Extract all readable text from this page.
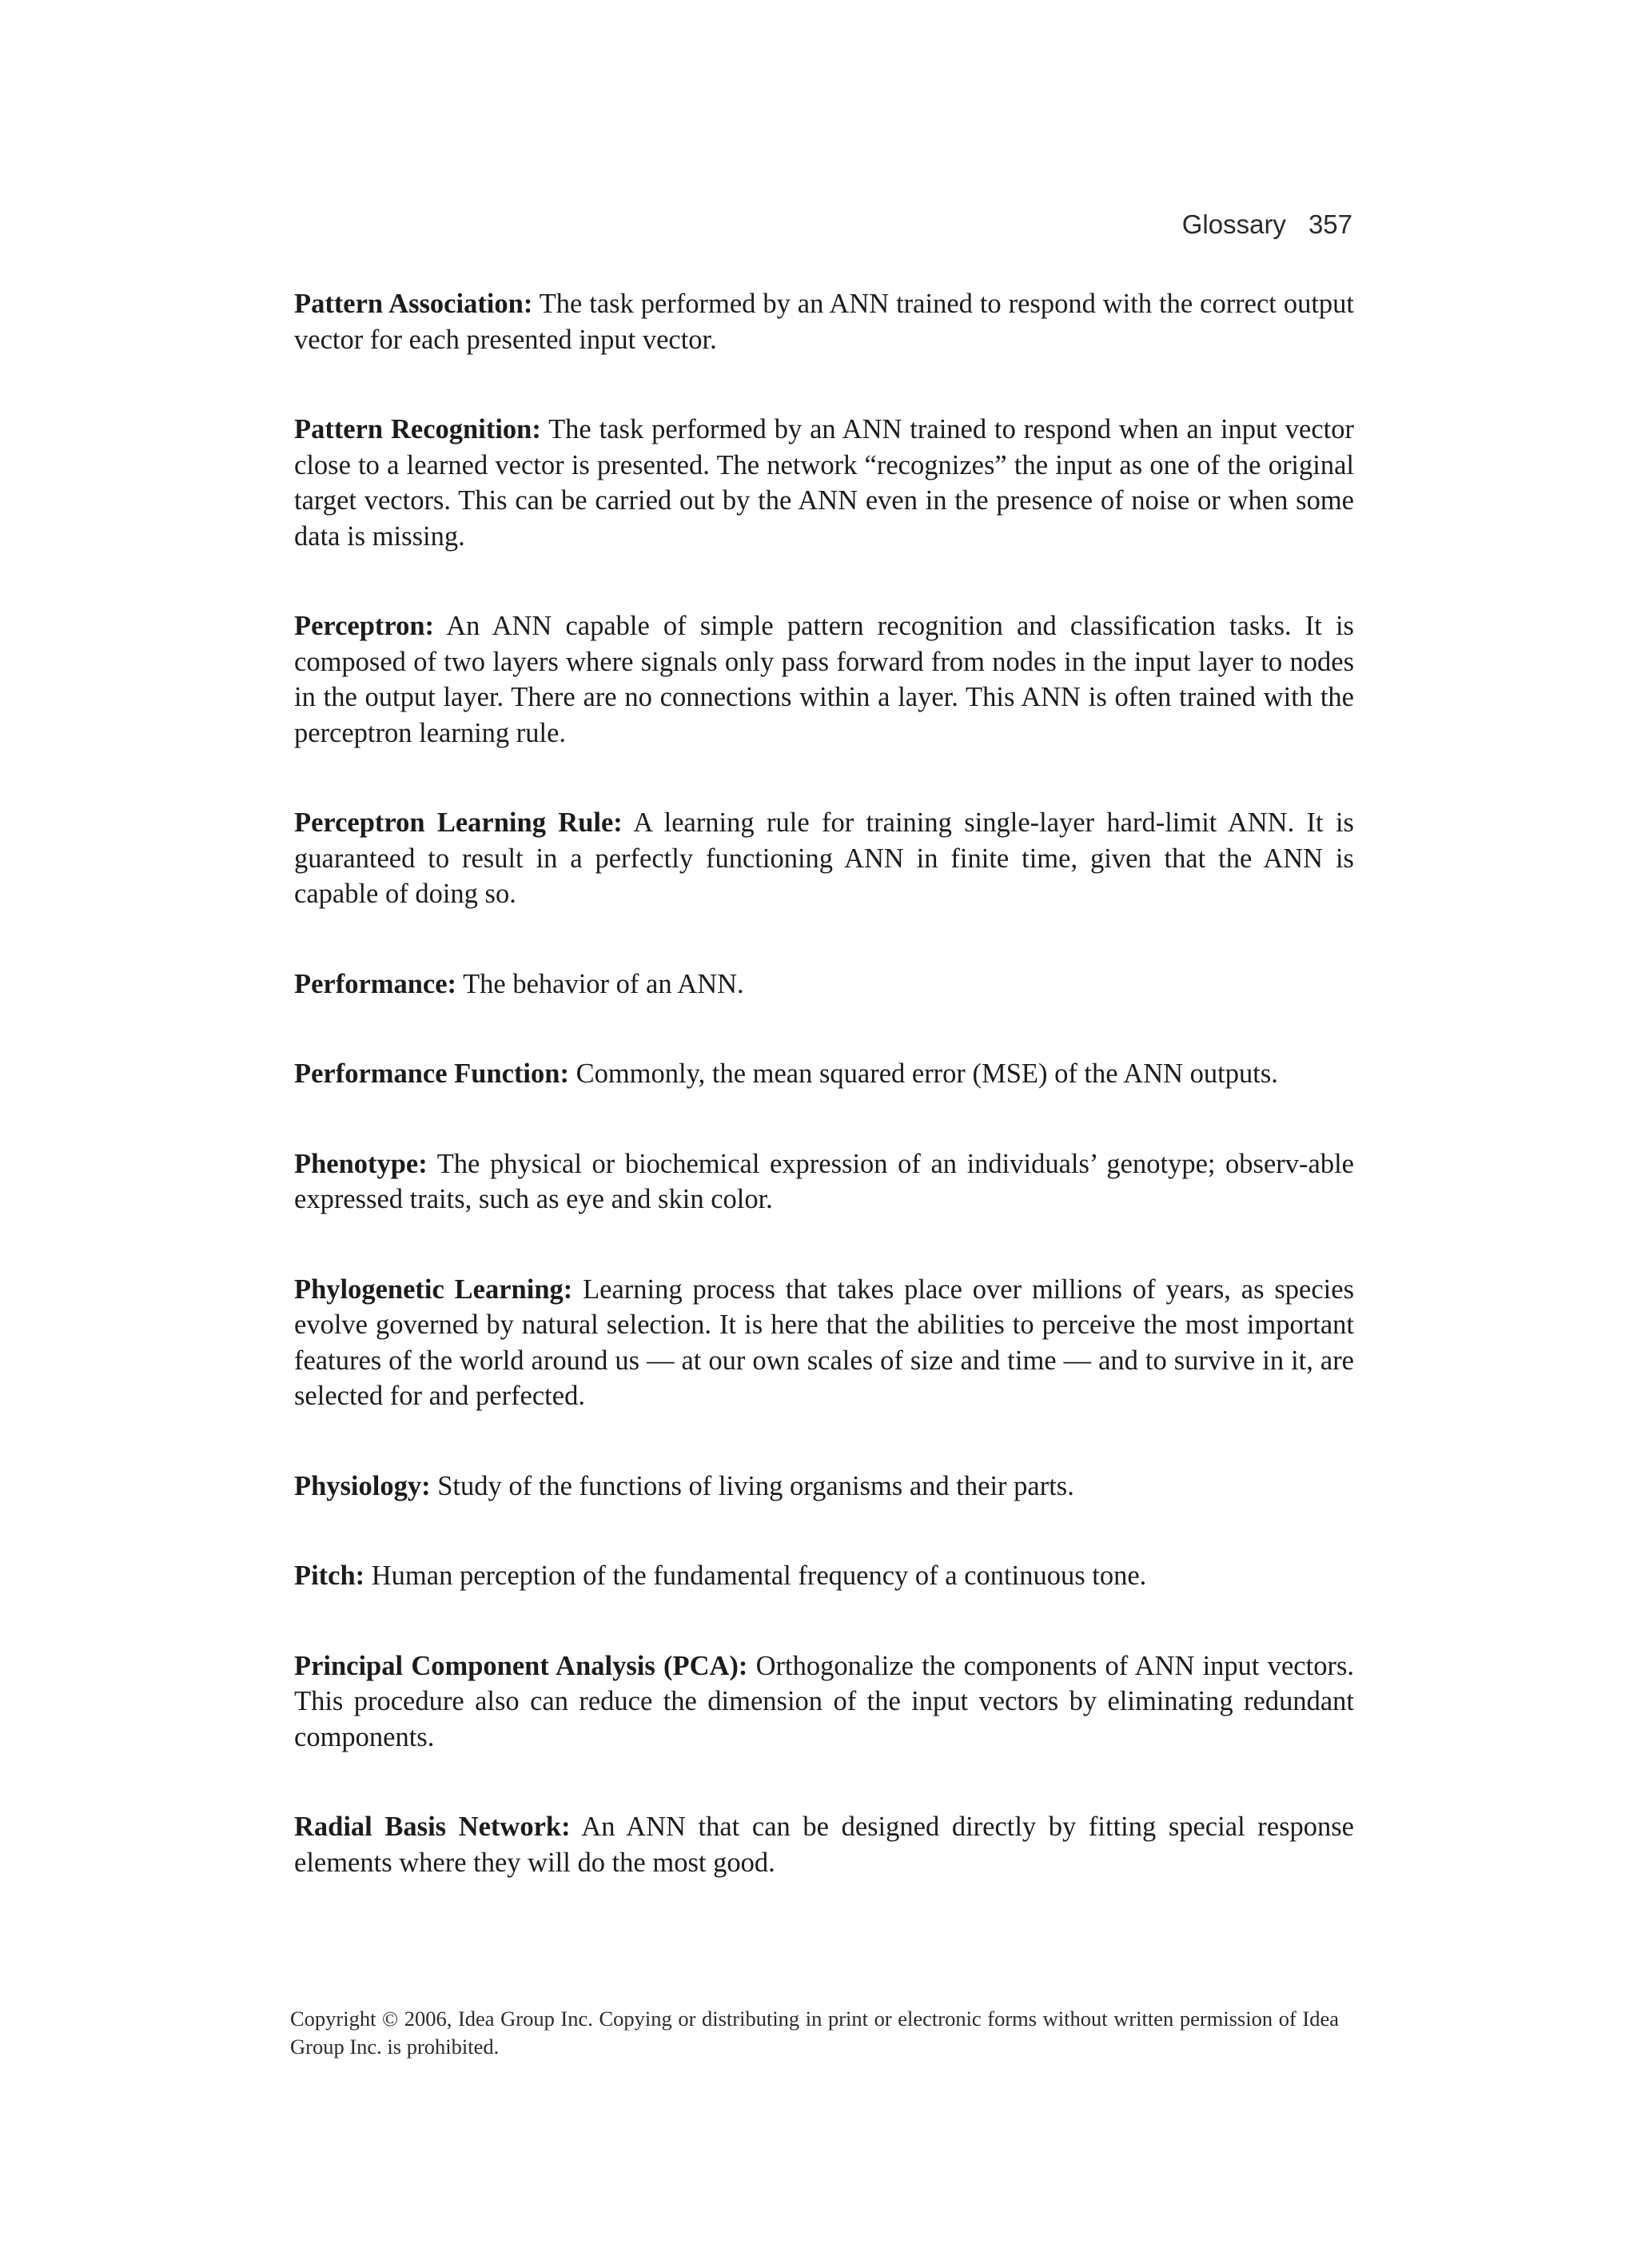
Glossary 357

Pattern Association: The task performed by an ANN trained to respond with the correct output vector for each presented input vector.

Pattern Recognition: The task performed by an ANN trained to respond when an input vector close to a learned vector is presented. The network “recognizes” the input as one of the original target vectors. This can be carried out by the ANN even in the presence of noise or when some data is missing.

Perceptron: An ANN capable of simple pattern recognition and classification tasks. It is composed of two layers where signals only pass forward from nodes in the input layer to nodes in the output layer. There are no connections within a layer. This ANN is often trained with the perceptron learning rule.

Perceptron Learning Rule: A learning rule for training single-layer hard-limit ANN. It is guaranteed to result in a perfectly functioning ANN in finite time, given that the ANN is capable of doing so.

Performance: The behavior of an ANN.

Performance Function: Commonly, the mean squared error (MSE) of the ANN outputs.

Phenotype: The physical or biochemical expression of an individuals’ genotype; observ-able expressed traits, such as eye and skin color.

Phylogenetic Learning: Learning process that takes place over millions of years, as species evolve governed by natural selection. It is here that the abilities to perceive the most important features of the world around us — at our own scales of size and time — and to survive in it, are selected for and perfected.

Physiology: Study of the functions of living organisms and their parts.

Pitch: Human perception of the fundamental frequency of a continuous tone.

Principal Component Analysis (PCA): Orthogonalize the components of ANN input vectors. This procedure also can reduce the dimension of the input vectors by eliminating redundant components.

Radial Basis Network: An ANN that can be designed directly by fitting special response elements where they will do the most good.

Copyright © 2006, Idea Group Inc. Copying or distributing in print or electronic forms without written permission of Idea Group Inc. is prohibited.
